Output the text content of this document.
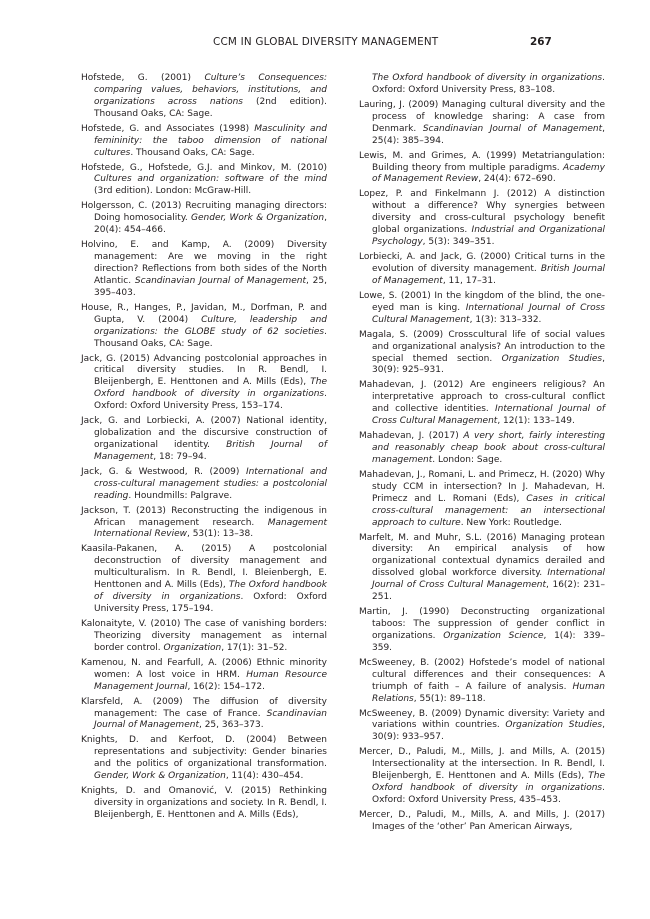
CCM IN GLOBAL DIVERSITY MANAGEMENT	267

Hofstede, G. (2001) Culture’s Consequences: comparing values, behaviors, institutions, and organizations across nations (2nd edition). Thousand Oaks, CA: Sage.

Hofstede, G. and Associates (1998) Masculinity and femininity: the taboo dimension of national cultures. Thousand Oaks, CA: Sage.

Hofstede, G., Hofstede, G.J. and Minkov, M. (2010) Cultures and organization: software of the mind (3rd edition). London: McGraw-Hill.

Holgersson, C. (2013) Recruiting managing directors: Doing homosociality. Gender, Work & Organization, 20(4): 454–466.

Holvino, E. and Kamp, A. (2009) Diversity management: Are we moving in the right direction? Reflections from both sides of the North Atlantic. Scandinavian Journal of Management, 25, 395–403.

House, R., Hanges, P., Javidan, M., Dorfman, P. and Gupta, V. (2004) Culture, leadership and organizations: the GLOBE study of 62 societies. Thousand Oaks, CA: Sage.

Jack, G. (2015) Advancing postcolonial approaches in critical diversity studies. In R. Bendl, I. Bleijenbergh, E. Henttonen and A. Mills (Eds), The Oxford handbook of diversity in organizations. Oxford: Oxford University Press, 153–174.

Jack, G. and Lorbiecki, A. (2007) National identity, globalization and the discursive construction of organizational identity. British Journal of Management, 18: 79–94.

Jack, G. & Westwood, R. (2009) International and cross-cultural management studies: a postcolonial reading. Houndmills: Palgrave.

Jackson, T. (2013) Reconstructing the indigenous in African management research. Management International Review, 53(1): 13–38.

Kaasila-Pakanen, A. (2015) A postcolonial deconstruction of diversity management and multiculturalism. In R. Bendl, I. Bleienbergh, E. Henttonen and A. Mills (Eds), The Oxford handbook of diversity in organizations. Oxford: Oxford University Press, 175–194.

Kalonaityte, V. (2010) The case of vanishing borders: Theorizing diversity management as internal border control. Organization, 17(1): 31–52.

Kamenou, N. and Fearfull, A. (2006) Ethnic minority women: A lost voice in HRM. Human Resource Management Journal, 16(2): 154–172.

Klarsfeld, A. (2009) The diffusion of diversity management: The case of France. Scandinavian Journal of Management, 25, 363–373.

Knights, D. and Kerfoot, D. (2004) Between representations and subjectivity: Gender binaries and the politics of organizational transformation. Gender, Work & Organization, 11(4): 430–454.

Knights, D. and Omanović, V. (2015) Rethinking diversity in organizations and society. In R. Bendl, I. Bleijenbergh, E. Henttonen and A. Mills (Eds),

The Oxford handbook of diversity in organizations. Oxford: Oxford University Press, 83–108.

Lauring, J. (2009) Managing cultural diversity and the process of knowledge sharing: A case from Denmark. Scandinavian Journal of Management, 25(4): 385–394.

Lewis, M. and Grimes, A. (1999) Metatriangulation: Building theory from multiple paradigms. Academy of Management Review, 24(4): 672–690.

Lopez, P. and Finkelmann J. (2012) A distinction without a difference? Why synergies between diversity and cross-cultural psychology benefit global organizations. Industrial and Organizational Psychology, 5(3): 349–351.

Lorbiecki, A. and Jack, G. (2000) Critical turns in the evolution of diversity management. British Journal of Management, 11, 17–31.

Lowe, S. (2001) In the kingdom of the blind, the one-eyed man is king. International Journal of Cross Cultural Management, 1(3): 313–332.

Magala, S. (2009) Crosscultural life of social values and organizational analysis? An introduction to the special themed section. Organization Studies, 30(9): 925–931.

Mahadevan, J. (2012) Are engineers religious? An interpretative approach to cross-cultural conflict and collective identities. International Journal of Cross Cultural Management, 12(1): 133–149.

Mahadevan, J. (2017) A very short, fairly interesting and reasonably cheap book about cross-cultural management. London: Sage.

Mahadevan, J., Romani, L. and Primecz, H. (2020) Why study CCM in intersection? In J. Mahadevan, H. Primecz and L. Romani (Eds), Cases in critical cross-cultural management: an intersectional approach to culture. New York: Routledge.

Marfelt, M. and Muhr, S.L. (2016) Managing protean diversity: An empirical analysis of how organizational contextual dynamics derailed and dissolved global workforce diversity. International Journal of Cross Cultural Management, 16(2): 231–251.

Martin, J. (1990) Deconstructing organizational taboos: The suppression of gender conflict in organizations. Organization Science, 1(4): 339–359.

McSweeney, B. (2002) Hofstede’s model of national cultural differences and their consequences: A triumph of faith – A failure of analysis. Human Relations, 55(1): 89–118.

McSweeney, B. (2009) Dynamic diversity: Variety and variations within countries. Organization Studies, 30(9): 933–957.

Mercer, D., Paludi, M., Mills, J. and Mills, A. (2015) Intersectionality at the intersection. In R. Bendl, I. Bleijenbergh, E. Henttonen and A. Mills (Eds), The Oxford handbook of diversity in organizations. Oxford: Oxford University Press, 435–453.

Mercer, D., Paludi, M., Mills, A. and Mills, J. (2017) Images of the ‘other’ Pan American Airways,
